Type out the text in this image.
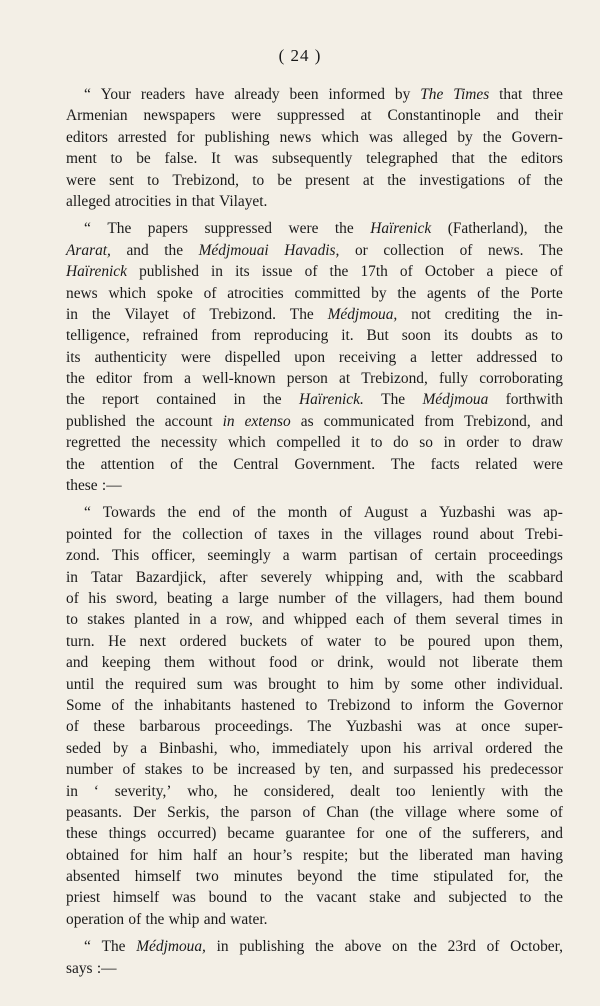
( 24 )
“ Your readers have already been informed by The Times that three
Armenian newspapers were suppressed at Constantinople and their
editors arrested for publishing news which was alleged by the Govern-
ment to be false. It was subsequently telegraphed that the editors
were sent to Trebizond, to be present at the investigations of the
alleged atrocities in that Vilayet.
“ The papers suppressed were the Haïrenick (Fatherland), the
Ararat, and the Médjmouai Havadis, or collection of news. The
Haïrenick published in its issue of the 17th of October a piece of
news which spoke of atrocities committed by the agents of the Porte
in the Vilayet of Trebizond. The Médjmoua, not crediting the in-
telligence, refrained from reproducing it. But soon its doubts as to
its authenticity were dispelled upon receiving a letter addressed to
the editor from a well-known person at Trebizond, fully corroborating
the report contained in the Haïrenick. The Médjmoua forthwith
published the account in extenso as communicated from Trebizond, and
regretted the necessity which compelled it to do so in order to draw
the attention of the Central Government. The facts related were
these :—
“ Towards the end of the month of August a Yuzbashi was ap-
pointed for the collection of taxes in the villages round about Trebi-
zond. This officer, seemingly a warm partisan of certain proceedings
in Tatar Bazardjick, after severely whipping and, with the scabbard
of his sword, beating a large number of the villagers, had them bound
to stakes planted in a row, and whipped each of them several times in
turn. He next ordered buckets of water to be poured upon them,
and keeping them without food or drink, would not liberate them
until the required sum was brought to him by some other individual.
Some of the inhabitants hastened to Trebizond to inform the Governor
of these barbarous proceedings. The Yuzbashi was at once super-
seded by a Binbashi, who, immediately upon his arrival ordered the
number of stakes to be increased by ten, and surpassed his predecessor
in ‘ severity,’ who, he considered, dealt too leniently with the
peasants. Der Serkis, the parson of Chan (the village where some of
these things occurred) became guarantee for one of the sufferers, and
obtained for him half an hour’s respite; but the liberated man having
absented himself two minutes beyond the time stipulated for, the
priest himself was bound to the vacant stake and subjected to the
operation of the whip and water.
“ The Médjmoua, in publishing the above on the 23rd of October,
says :—
